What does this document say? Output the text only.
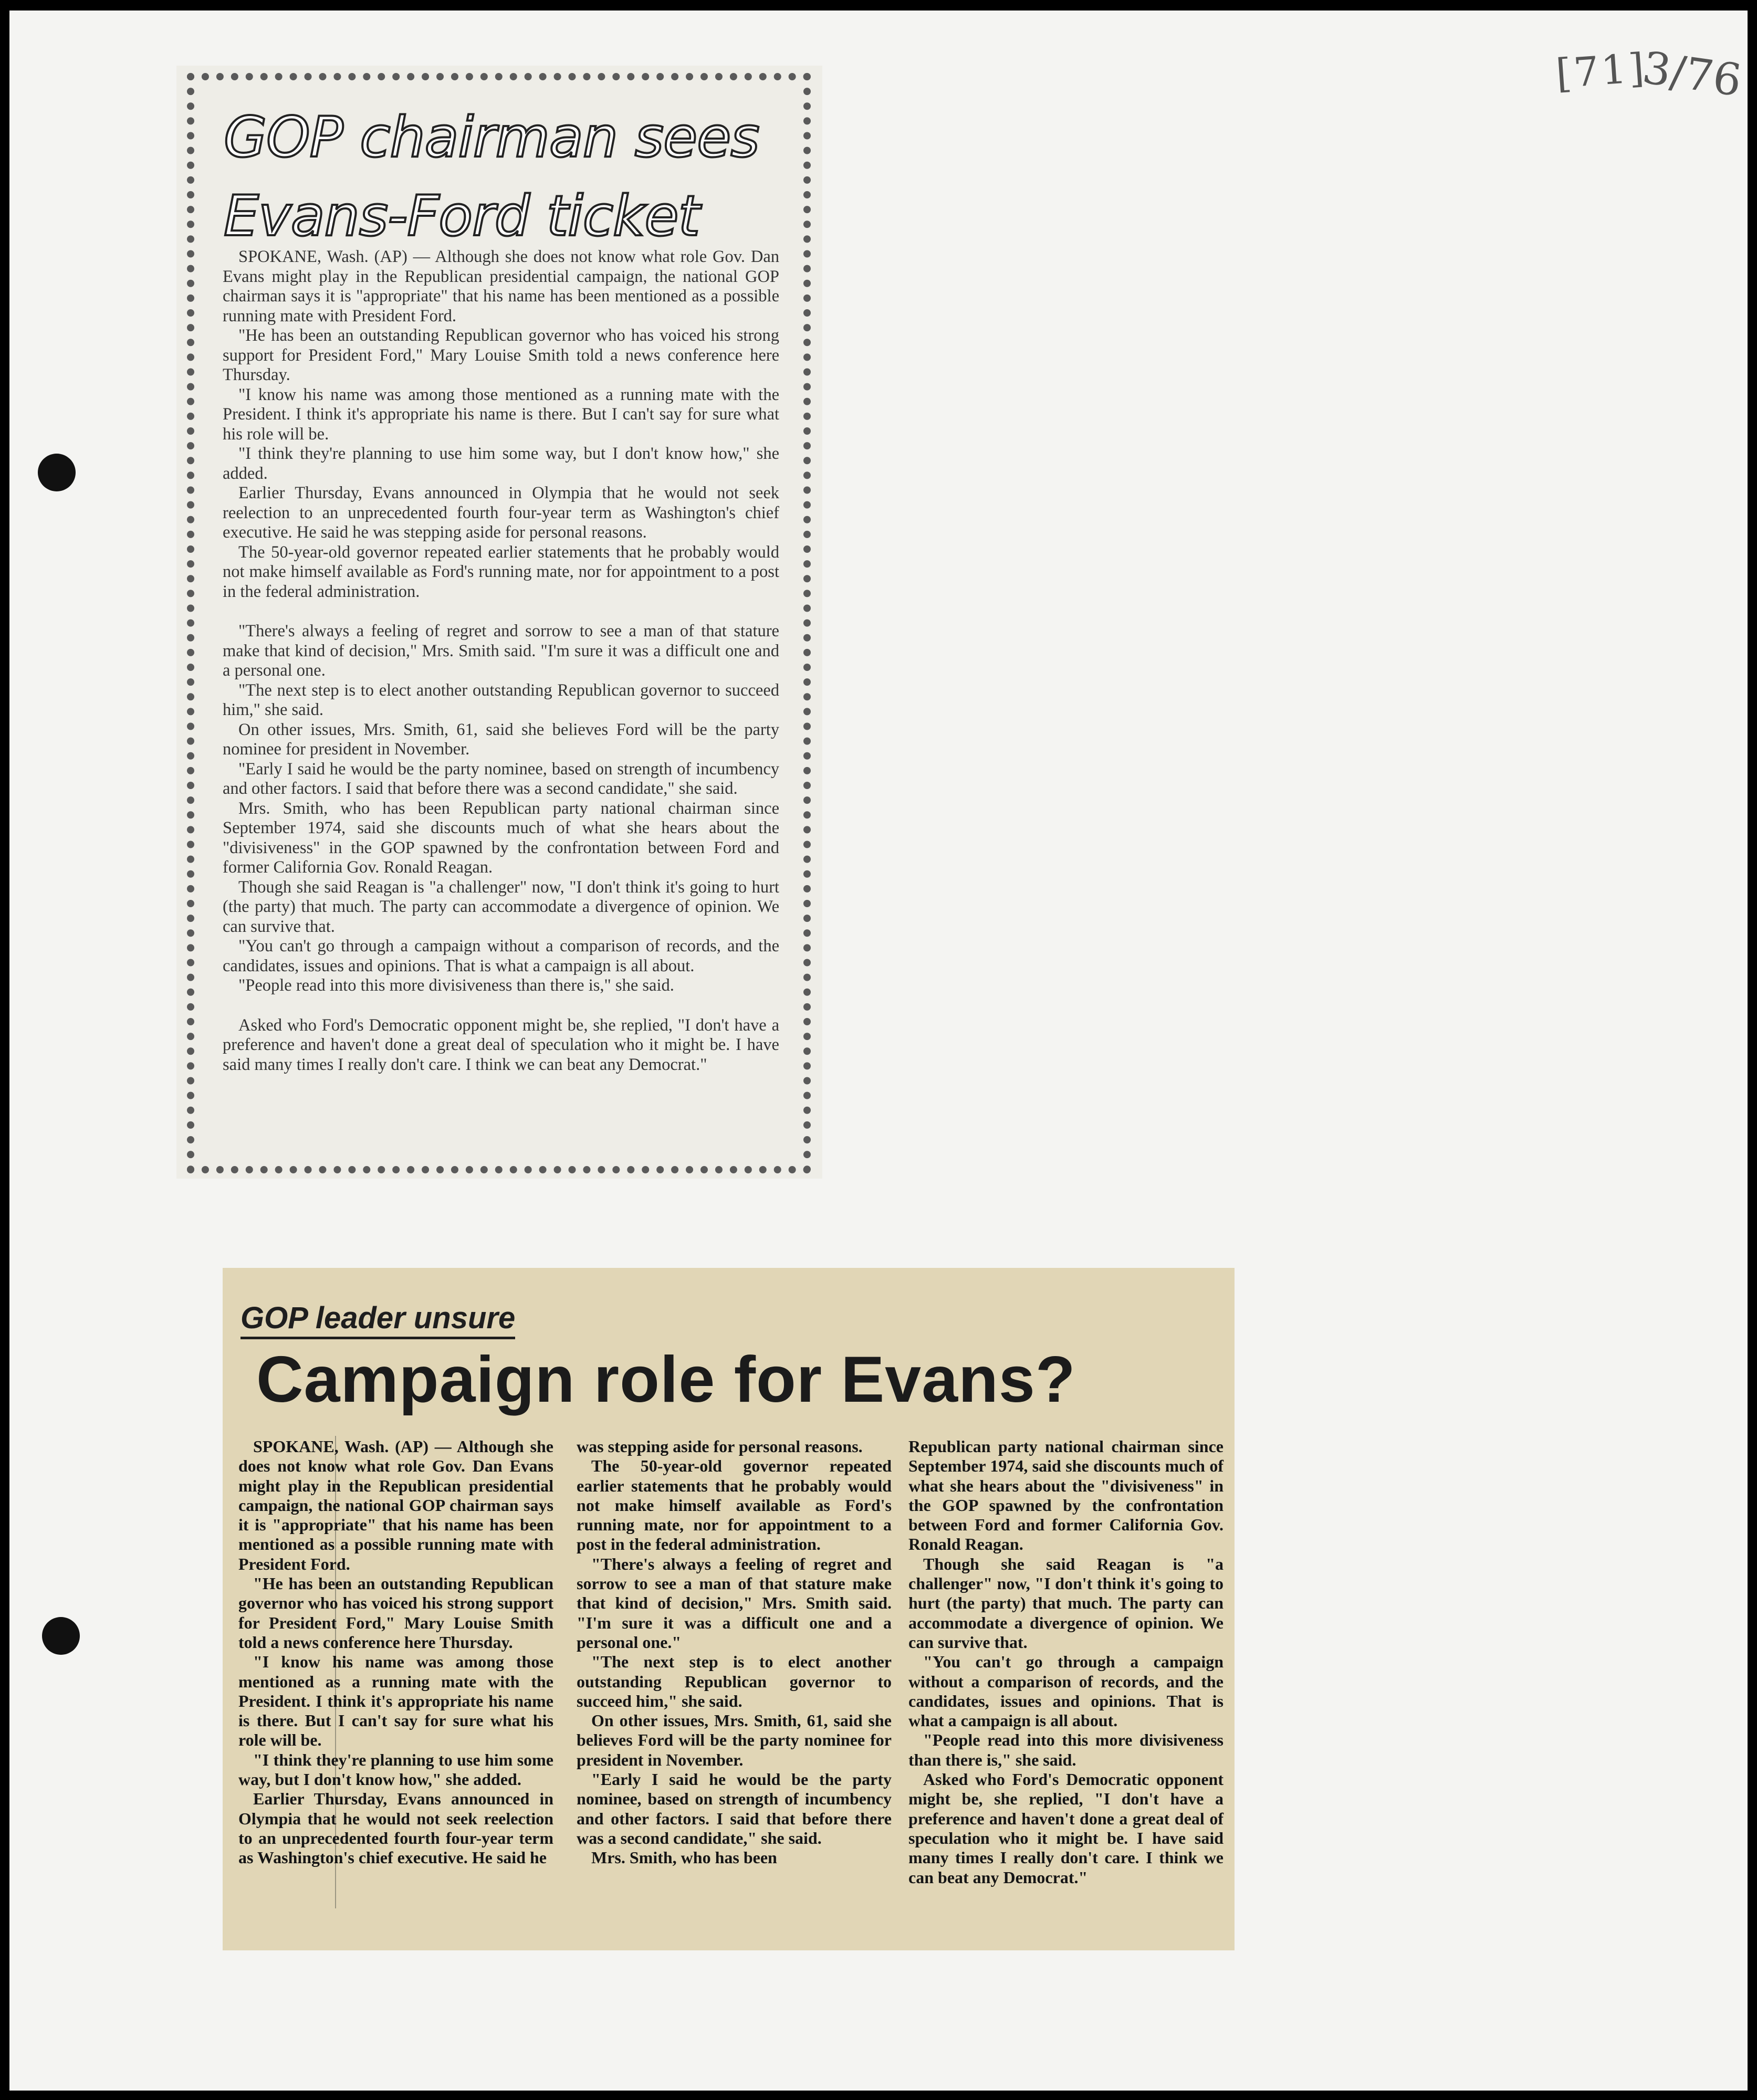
[71]
3/76
GOP chairman sees
Evans-Ford ticket

SPOKANE, Wash. (AP) — Although she does not know what role Gov. Dan Evans might play in the Republican presidential campaign, the national GOP chairman says it is "appropriate" that his name has been mentioned as a possible running mate with President Ford.

"He has been an outstanding Republican governor who has voiced his strong support for President Ford," Mary Louise Smith told a news conference here Thursday.

"I know his name was among those mentioned as a running mate with the President. I think it's appropriate his name is there. But I can't say for sure what his role will be.

"I think they're planning to use him some way, but I don't know how," she added.

Earlier Thursday, Evans announced in Olympia that he would not seek reelection to an unprecedented fourth four-year term as Washington's chief executive. He said he was stepping aside for personal reasons.

The 50-year-old governor repeated earlier statements that he probably would not make himself available as Ford's running mate, nor for appointment to a post in the federal administration.

"There's always a feeling of regret and sorrow to see a man of that stature make that kind of decision," Mrs. Smith said. "I'm sure it was a difficult one and a personal one.

"The next step is to elect another outstanding Republican governor to succeed him," she said.

On other issues, Mrs. Smith, 61, said she believes Ford will be the party nominee for president in November.

"Early I said he would be the party nominee, based on strength of incumbency and other factors. I said that before there was a second candidate," she said.

Mrs. Smith, who has been Republican party national chairman since September 1974, said she discounts much of what she hears about the "divisiveness" in the GOP spawned by the confrontation between Ford and former California Gov. Ronald Reagan.

Though she said Reagan is "a challenger" now, "I don't think it's going to hurt (the party) that much. The party can accommodate a divergence of opinion. We can survive that.

"You can't go through a campaign without a comparison of records, and the candidates, issues and opinions. That is what a campaign is all about.

"People read into this more divisiveness than there is," she said.

Asked who Ford's Democratic opponent might be, she replied, "I don't have a preference and haven't done a great deal of speculation who it might be. I have said many times I really don't care. I think we can beat any Democrat."

GOP leader unsure
Campaign role for Evans?

SPOKANE, Wash. (AP) — Although she does not know what role Gov. Dan Evans might play in the Republican presidential campaign, the national GOP chairman says it is "appropriate" that his name has been mentioned as a possible running mate with President Ford.

"He has been an outstanding Republican governor who has voiced his strong support for President Ford," Mary Louise Smith told a news conference here Thursday.

"I know his name was among those mentioned as a running mate with the President. I think it's appropriate his name is there. But I can't say for sure what his role will be.

"I think they're planning to use him some way, but I don't know how," she added.

Earlier Thursday, Evans announced in Olympia that he would not seek reelection to an unprecedented fourth four-year term as Washington's chief executive. He said he

was stepping aside for personal reasons.

The 50-year-old governor repeated earlier statements that he probably would not make himself available as Ford's running mate, nor for appointment to a post in the federal administration.

"There's always a feeling of regret and sorrow to see a man of that stature make that kind of decision," Mrs. Smith said. "I'm sure it was a difficult one and a personal one."

"The next step is to elect another outstanding Republican governor to succeed him," she said.

On other issues, Mrs. Smith, 61, said she believes Ford will be the party nominee for president in November.

"Early I said he would be the party nominee, based on strength of incumbency and other factors. I said that before there was a second candidate," she said.

Mrs. Smith, who has been

Republican party national chairman since September 1974, said she discounts much of what she hears about the "divisiveness" in the GOP spawned by the confrontation between Ford and former California Gov. Ronald Reagan.

Though she said Reagan is "a challenger" now, "I don't think it's going to hurt (the party) that much. The party can accommodate a divergence of opinion. We can survive that.

"You can't go through a campaign without a comparison of records, and the candidates, issues and opinions. That is what a campaign is all about.

"People read into this more divisiveness than there is," she said.

Asked who Ford's Democratic opponent might be, she replied, "I don't have a preference and haven't done a great deal of speculation who it might be. I have said many times I really don't care. I think we can beat any Democrat."
